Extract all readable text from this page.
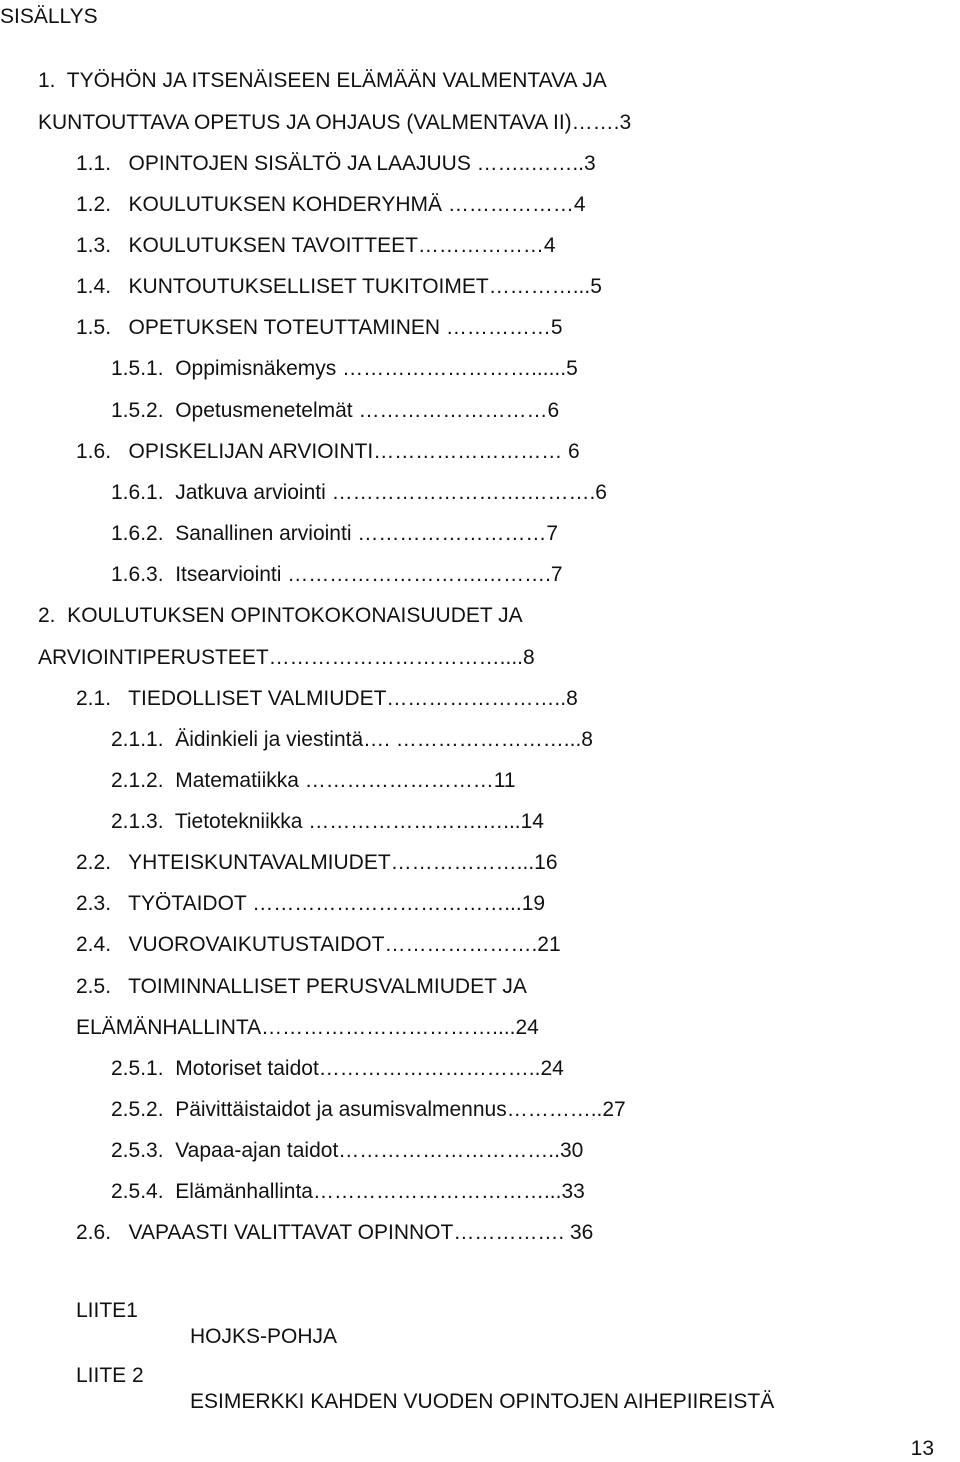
SISÄLLYS
1.  TYÖHÖN JA ITSENÄISEEN ELÄMÄÄN VALMENTAVA JA
KUNTOUTTAVA OPETUS JA OHJAUS (VALMENTAVA II)…….3
1.1.   OPINTOJEN SISÄLTÖ JA LAAJUUS ……..……..3
1.2.   KOULUTUKSEN KOHDERYHMÄ ………………4
1.3.   KOULUTUKSEN TAVOITTEET………………4
1.4.   KUNTOUTUKSELLISET TUKITOIMET…………...5
1.5.   OPETUKSEN TOTEUTTAMINEN ……………5
1.5.1.  Oppimisnäkemys ………………………......5
1.5.2.  Opetusmenetelmät ………………………6
1.6.   OPISKELIJAN ARVIOINTI……………………… 6
1.6.1.  Jatkuva arviointi ……………………….……….6
1.6.2.  Sanallinen arviointi ………………………7
1.6.3.  Itsearviointi ……………………….……….7
2.  KOULUTUKSEN OPINTOKOKONAISUUDET JA
ARVIOINTIPERUSTEET……………………………....8
2.1.   TIEDOLLISET VALMIUDET……………………..8
2.1.1.  Äidinkieli ja viestintä…. ……………………...8
2.1.2.  Matematiikka ………………………11
2.1.3.  Tietotekniikka …………………….…...14
2.2.   YHTEISKUNTAVALMIUDET………………...16
2.3.   TYÖTAIDOT ………………………………...19
2.4.   VUOROVAIKUTUSTAIDOT………………….21
2.5.   TOIMINNALLISET PERUSVALMIUDET JA
ELÄMÄNHALLINTA……………………………....24
2.5.1.  Motoriset taidot…………………………..24
2.5.2.  Päivittäistaidot ja asumisvalmennus…………..27
2.5.3.  Vapaa-ajan taidot…………………………..30
2.5.4.  Elämänhallinta……………………………...33
2.6.   VAPAASTI VALITTAVAT OPINNOT……………. 36

LIITE1

HOJKS-POHJA

LIITE 2

ESIMERKKI KAHDEN VUODEN OPINTOJEN AIHEPIIREISTÄ

13
